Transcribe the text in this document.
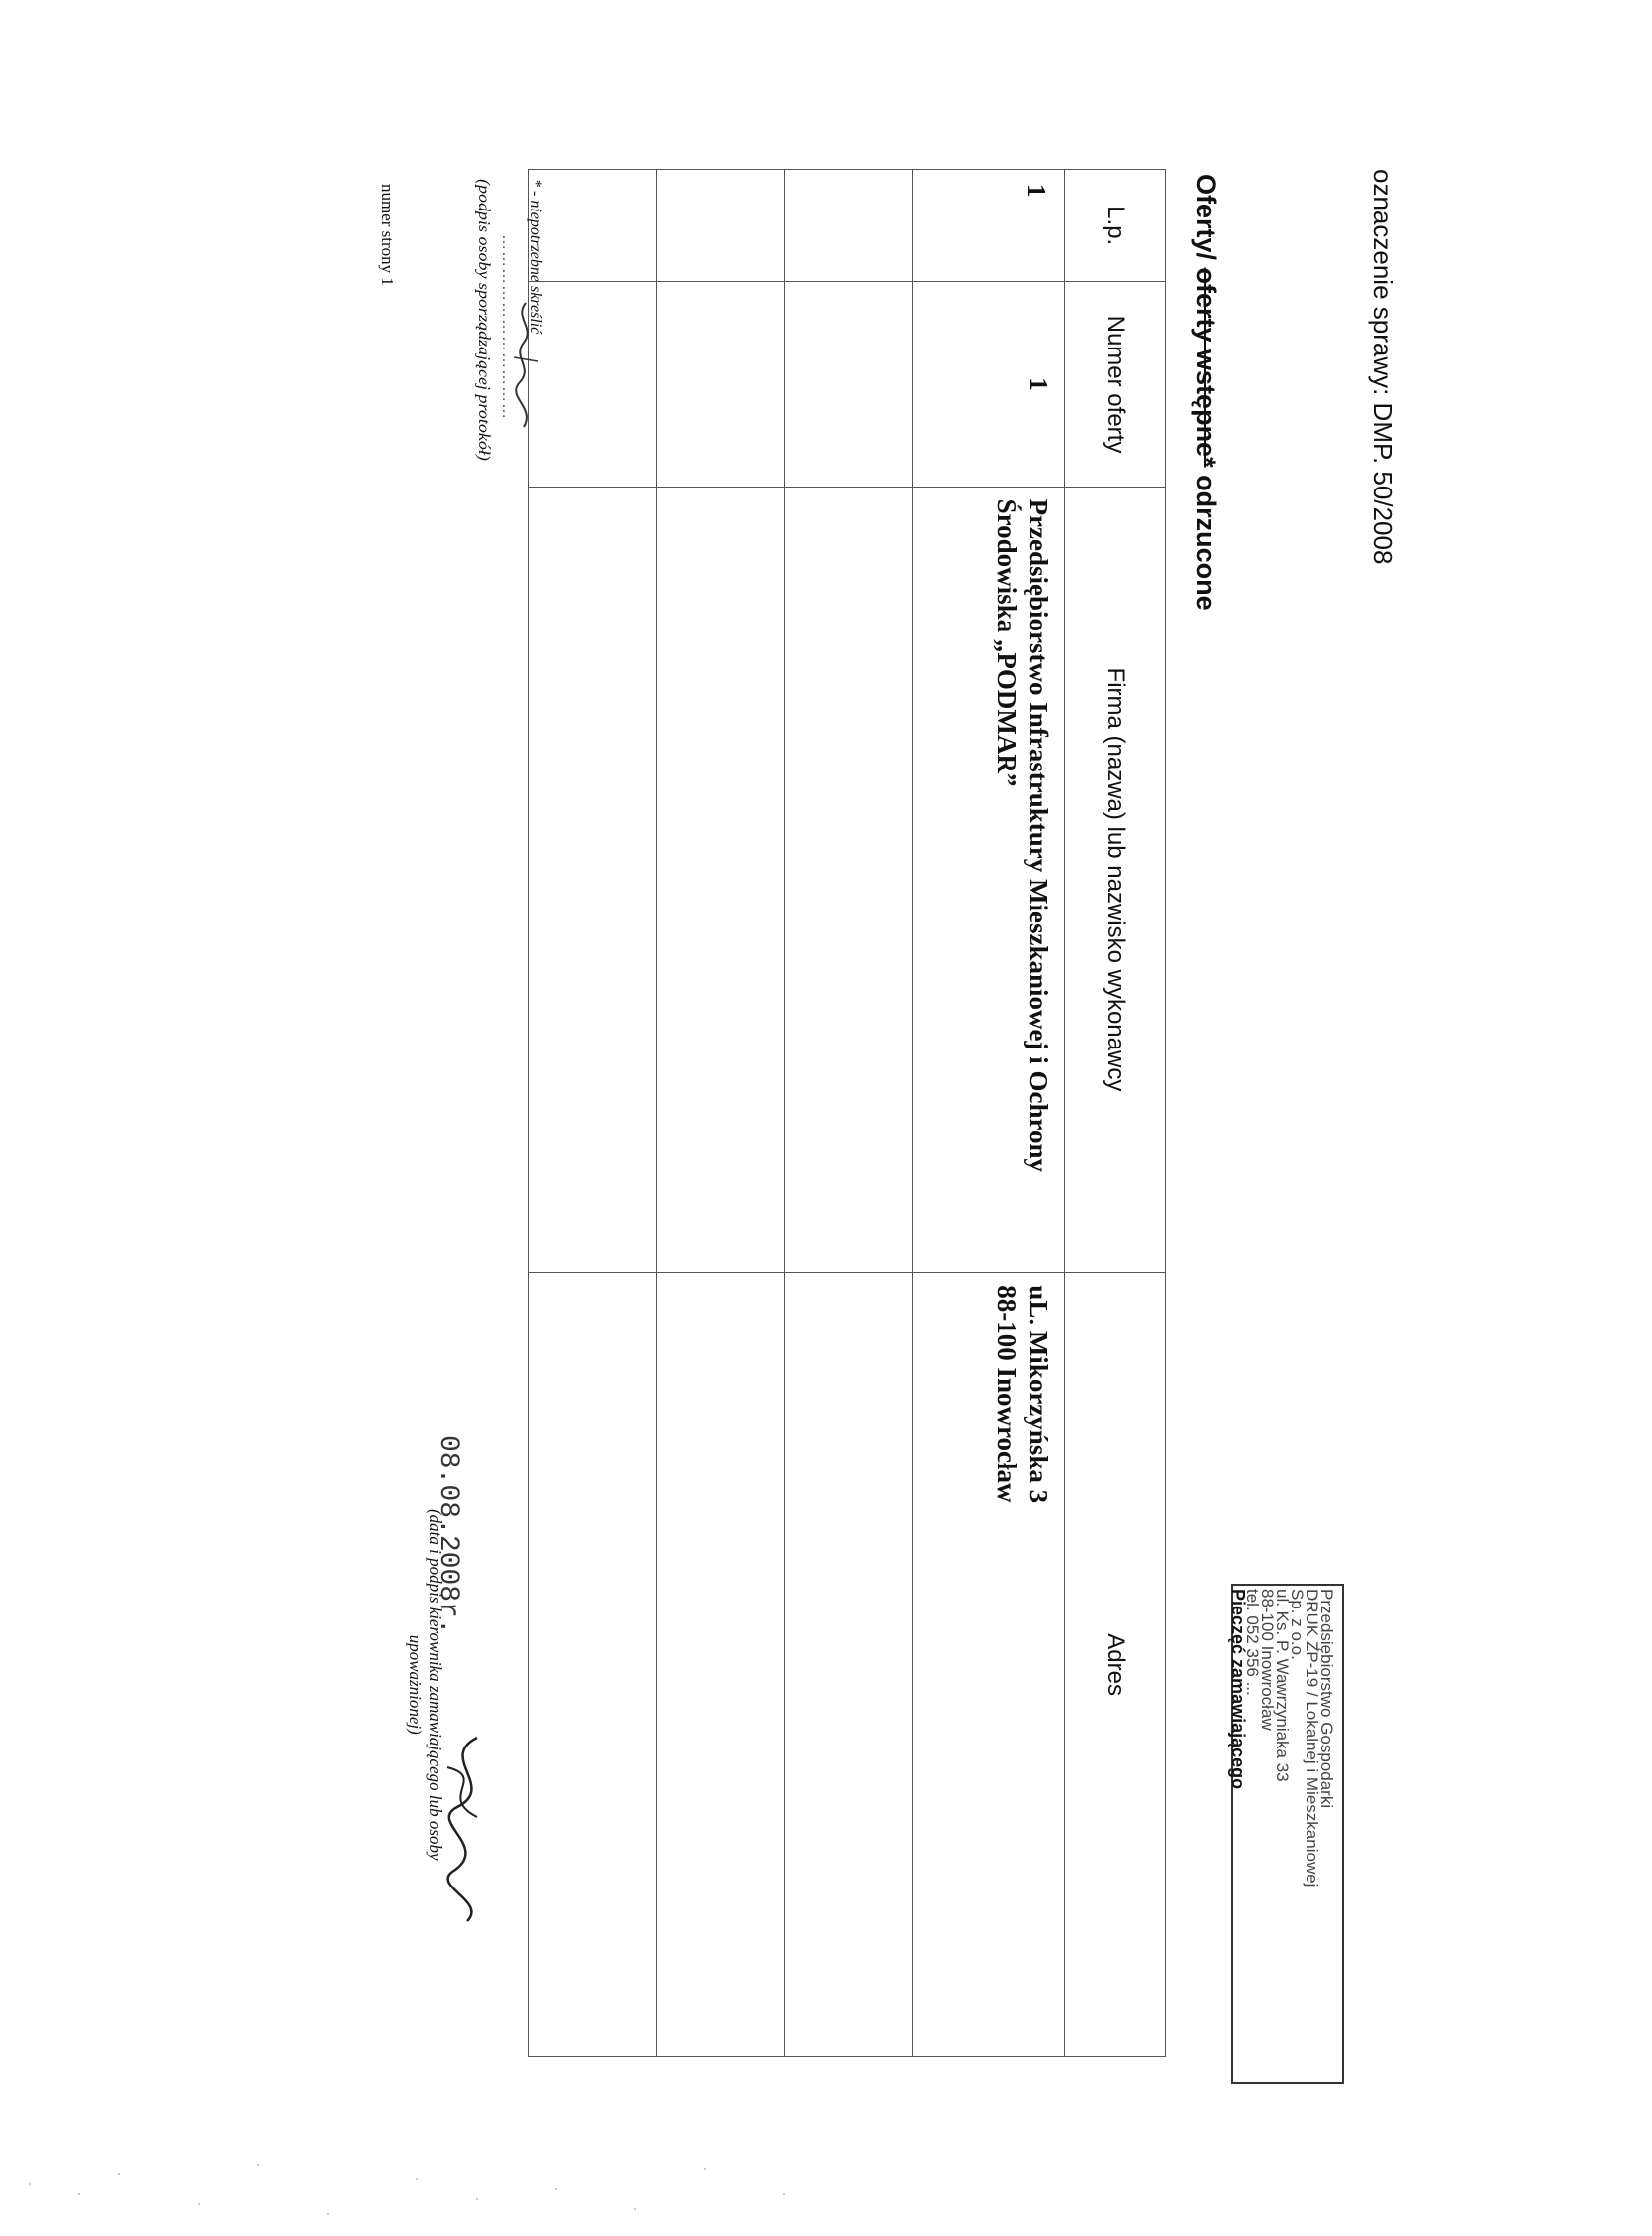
oznaczenie sprawy: DMP. 50/2008
Oferty/ oferty wstępne* odrzucone
L.p.	Numer oferty	Firma (nazwa) lub nazwisko wykonawcy	Adres
1	1	Przedsiębiorstwo Infrastruktury Mieszkaniowej i Ochrony Środowiska „PODMAR”	uL. Mikorzyńska 3
88-100 Inowrocław

Przedsiębiorstwo Gospodarki
DRUK ZP-19 / Lokalnej i Mieszkaniowej
Sp. z o.o.
ul. Ks. P. Wawrzyniaka 33
88-100 Inowrocław
tel. 052 356 ...
Pieczęć zamawiającego
* - niepotrzebne skreślić
……………………………
(podpis osoby sporządzającej protokół)
numer strony 1
08.08.2008r.
(data i podpis kierownika zamawiającego lub osoby
upoważnionej)
